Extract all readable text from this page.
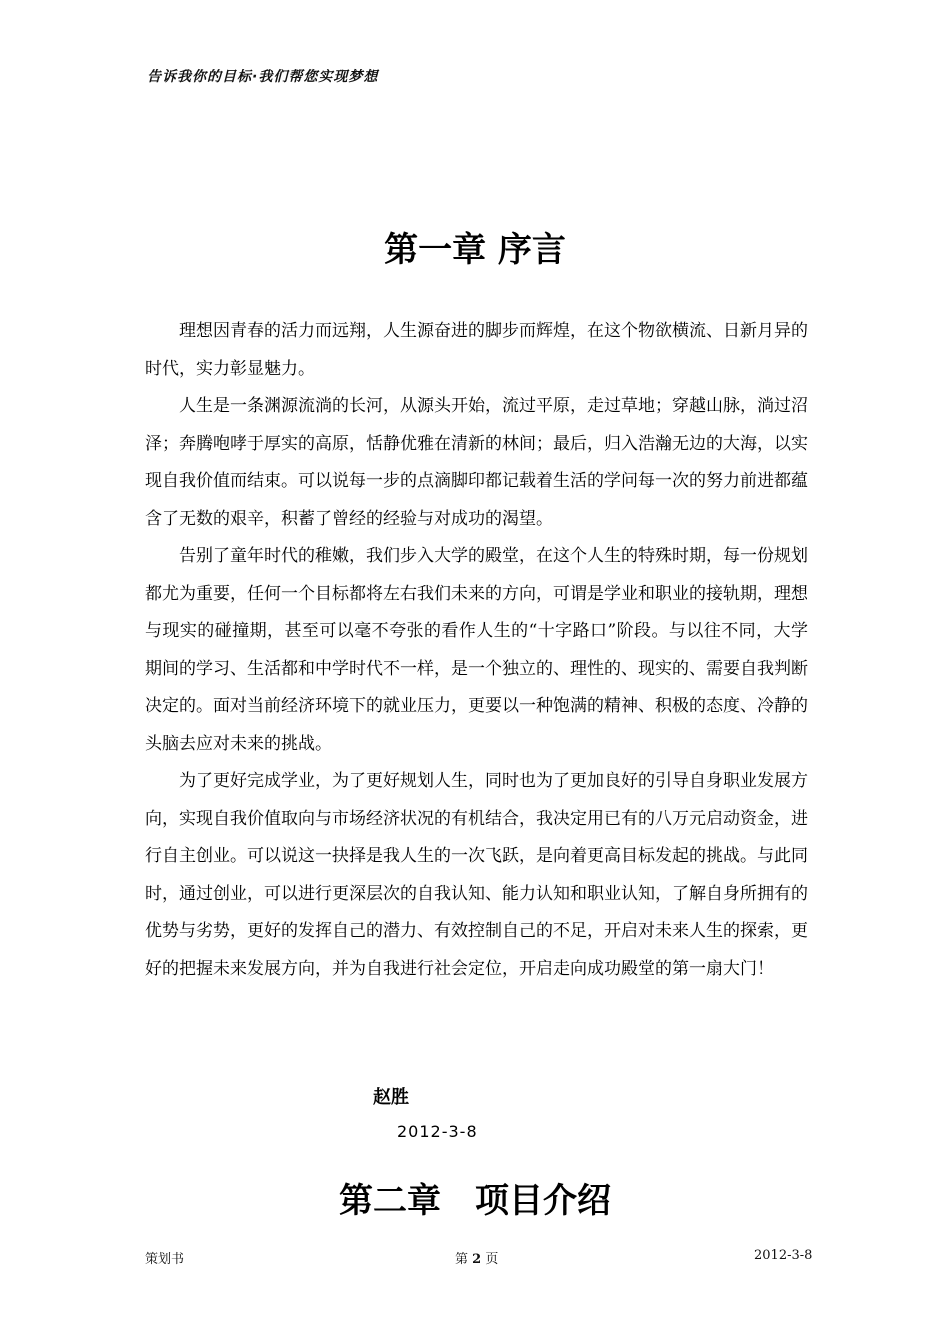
告诉我你的目标·我们帮您实现梦想
第一章 序言

理想因青春的活力而远翔，人生源奋进的脚步而辉煌，在这个物欲横流、日新月异的时代，实力彰显魅力。

人生是一条渊源流淌的长河，从源头开始，流过平原，走过草地；穿越山脉，淌过沼泽；奔腾咆哮于厚实的高原，恬静优雅在清新的林间；最后，归入浩瀚无边的大海，以实现自我价值而结束。可以说每一步的点滴脚印都记载着生活的学问每一次的努力前进都蕴含了无数的艰辛，积蓄了曾经的经验与对成功的渴望。

告别了童年时代的稚嫩，我们步入大学的殿堂，在这个人生的特殊时期，每一份规划都尤为重要，任何一个目标都将左右我们未来的方向，可谓是学业和职业的接轨期，理想与现实的碰撞期，甚至可以毫不夸张的看作人生的“十字路口”阶段。与以往不同，大学期间的学习、生活都和中学时代不一样，是一个独立的、理性的、现实的、需要自我判断决定的。面对当前经济环境下的就业压力，更要以一种饱满的精神、积极的态度、冷静的头脑去应对未来的挑战。

为了更好完成学业，为了更好规划人生，同时也为了更加良好的引导自身职业发展方向，实现自我价值取向与市场经济状况的有机结合，我决定用已有的八万元启动资金，进行自主创业。可以说这一抉择是我人生的一次飞跃，是向着更高目标发起的挑战。与此同时，通过创业，可以进行更深层次的自我认知、能力认知和职业认知，了解自身所拥有的优势与劣势，更好的发挥自己的潜力、有效控制自己的不足，开启对未来人生的探索，更好的把握未来发展方向，并为自我进行社会定位，开启走向成功殿堂的第一扇大门！

赵胜
2012-3-8
第二章　项目介绍
策划书	第 2 页	2012-3-8
